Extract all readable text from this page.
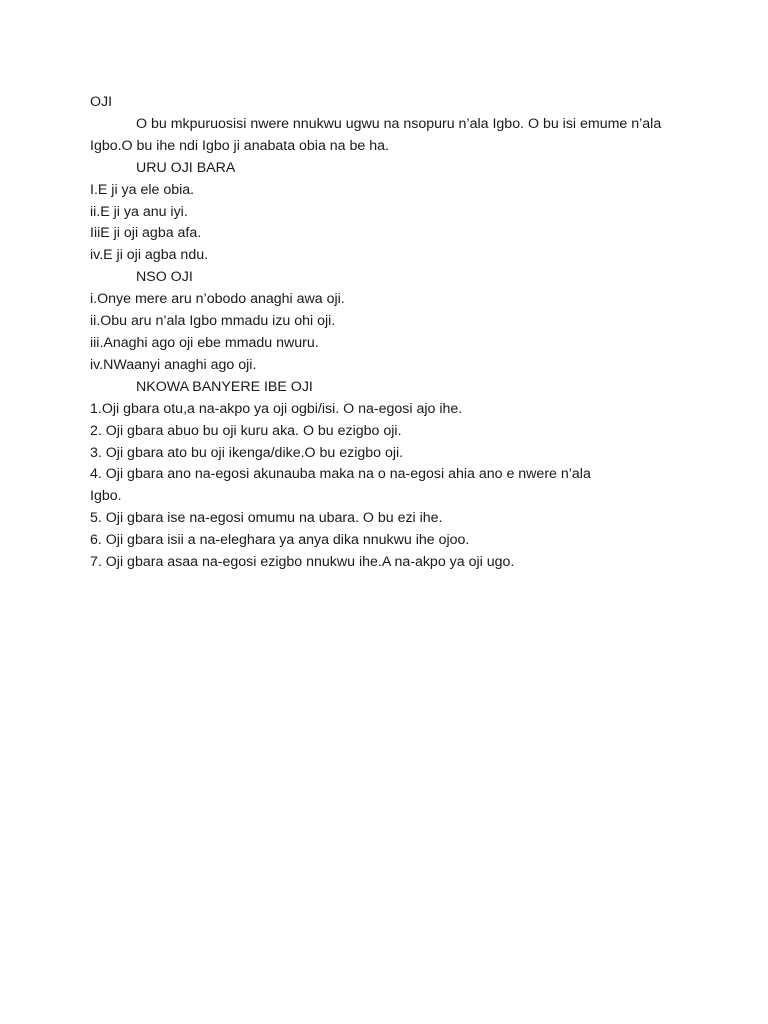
OJI

O bu mkpuruosisi nwere nnukwu ugwu na nsopuru n’ala Igbo. O bu isi emume n’ala Igbo.O bu ihe ndi Igbo ji anabata obia na be ha.

URU OJI BARA

I.E ji ya ele obia.

ii.E ji ya anu iyi.

IiiE ji oji agba afa.

iv.E ji oji agba ndu.

NSO OJI

i.Onye mere aru n’obodo anaghi awa oji.

ii.Obu aru n’ala Igbo mmadu izu ohi oji.

iii.Anaghi ago oji ebe mmadu nwuru.

iv.NWaanyi anaghi ago oji.

NKOWA BANYERE IBE OJI

1.Oji gbara otu,a na-akpo ya oji ogbi/isi. O na-egosi ajo ihe.

2. Oji gbara abuo bu oji kuru aka. O bu ezigbo oji.

3. Oji gbara ato bu oji ikenga/dike.O bu ezigbo oji.

4. Oji gbara ano na-egosi akunauba maka na o na-egosi ahia ano e nwere n’ala

Igbo.

5. Oji gbara ise na-egosi omumu na ubara. O bu ezi ihe.

6. Oji gbara isii a na-eleghara ya anya dika nnukwu ihe ojoo.

7. Oji gbara asaa na-egosi ezigbo nnukwu ihe.A na-akpo ya oji ugo.
